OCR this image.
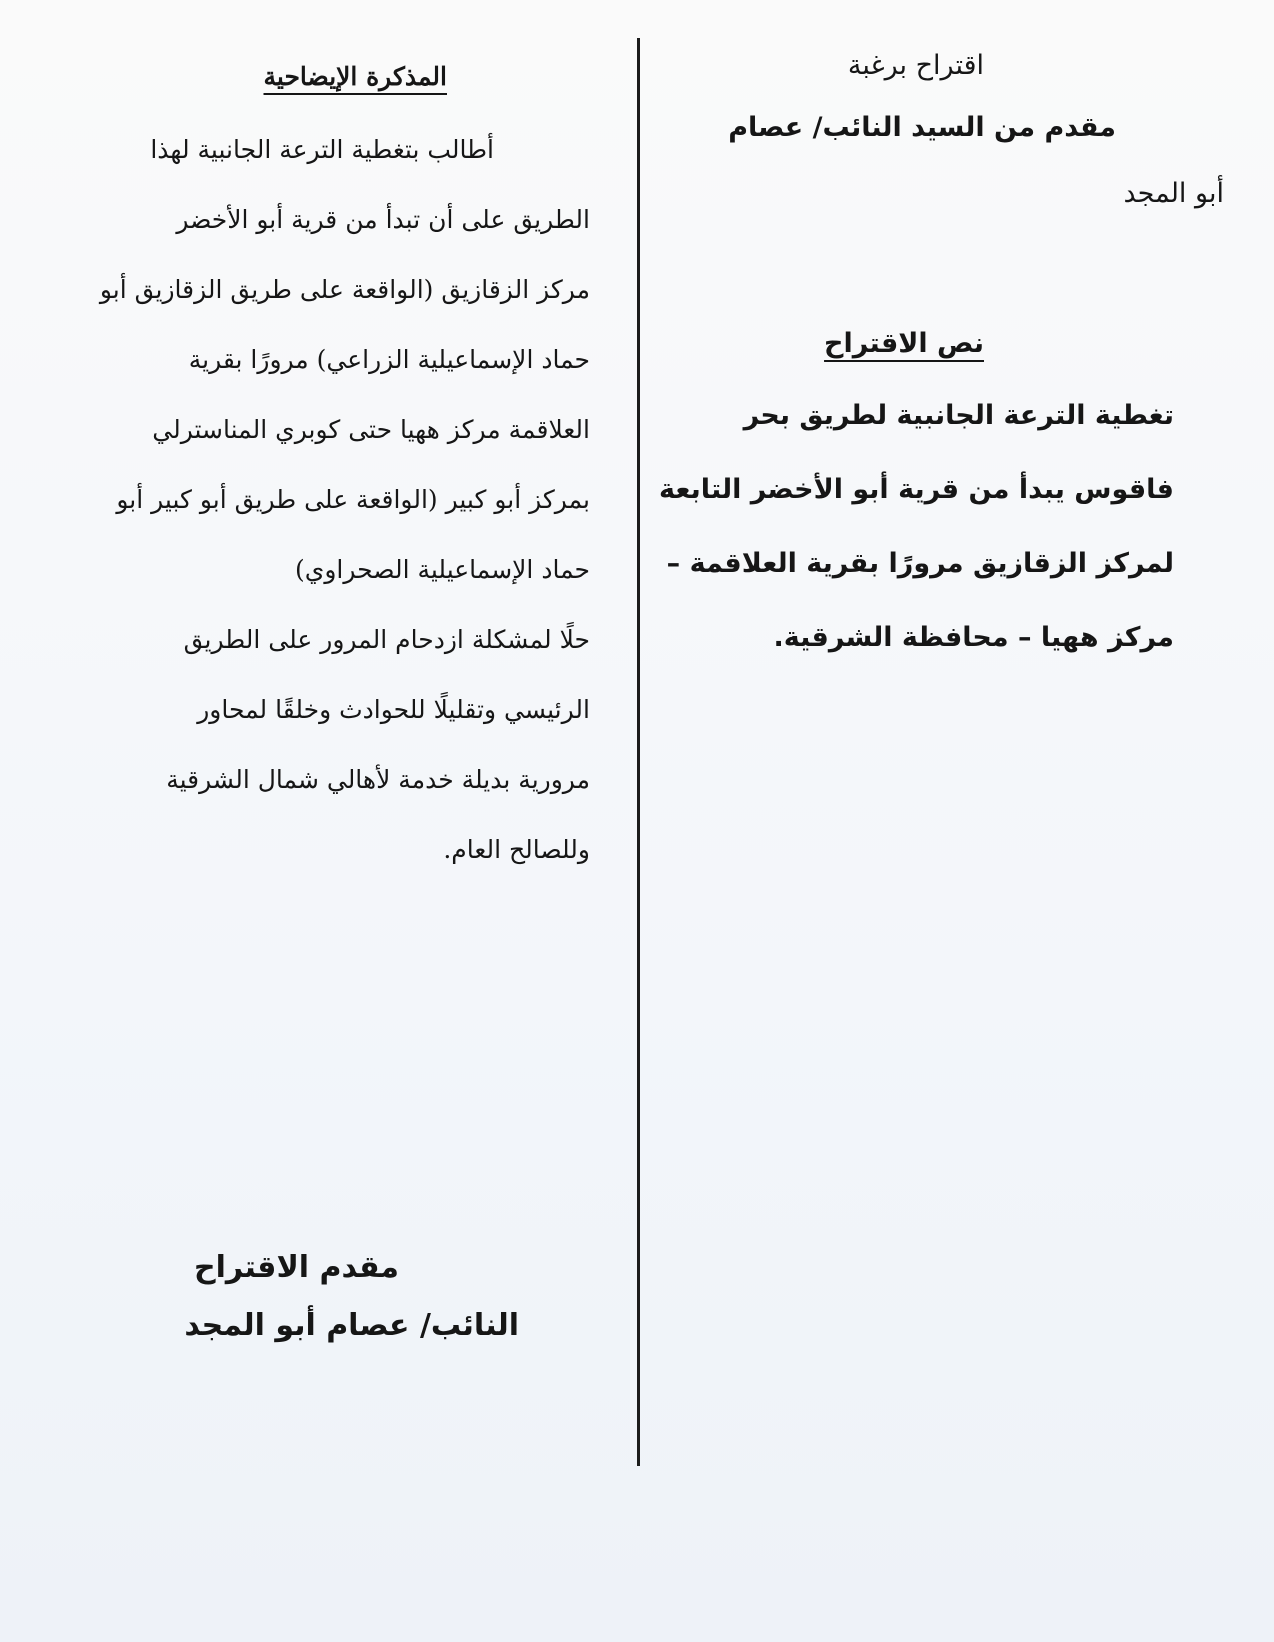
اقتراح برغبة

مقدم من السيد النائب/ عصام

أبو المجد

نص الاقتراح

تغطية الترعة الجانبية لطريق بحر

فاقوس يبدأ من قرية أبو الأخضر التابعة

لمركز الزقازيق مرورًا بقرية العلاقمة –

مركز ههيا – محافظة الشرقية.

المذكرة الإيضاحية

أطالب بتغطية الترعة الجانبية لهذا

الطريق على أن تبدأ من قرية أبو الأخضر

مركز الزقازيق (الواقعة على طريق الزقازيق أبو

حماد الإسماعيلية الزراعي) مرورًا بقرية

العلاقمة مركز ههيا حتى كوبري المناسترلي

بمركز أبو كبير (الواقعة على طريق أبو كبير أبو

حماد الإسماعيلية الصحراوي)

حلًا لمشكلة ازدحام المرور على الطريق

الرئيسي وتقليلًا للحوادث وخلقًا لمحاور

مرورية بديلة خدمة لأهالي شمال الشرقية

وللصالح العام.

مقدم الاقتراح

النائب/ عصام أبو المجد
